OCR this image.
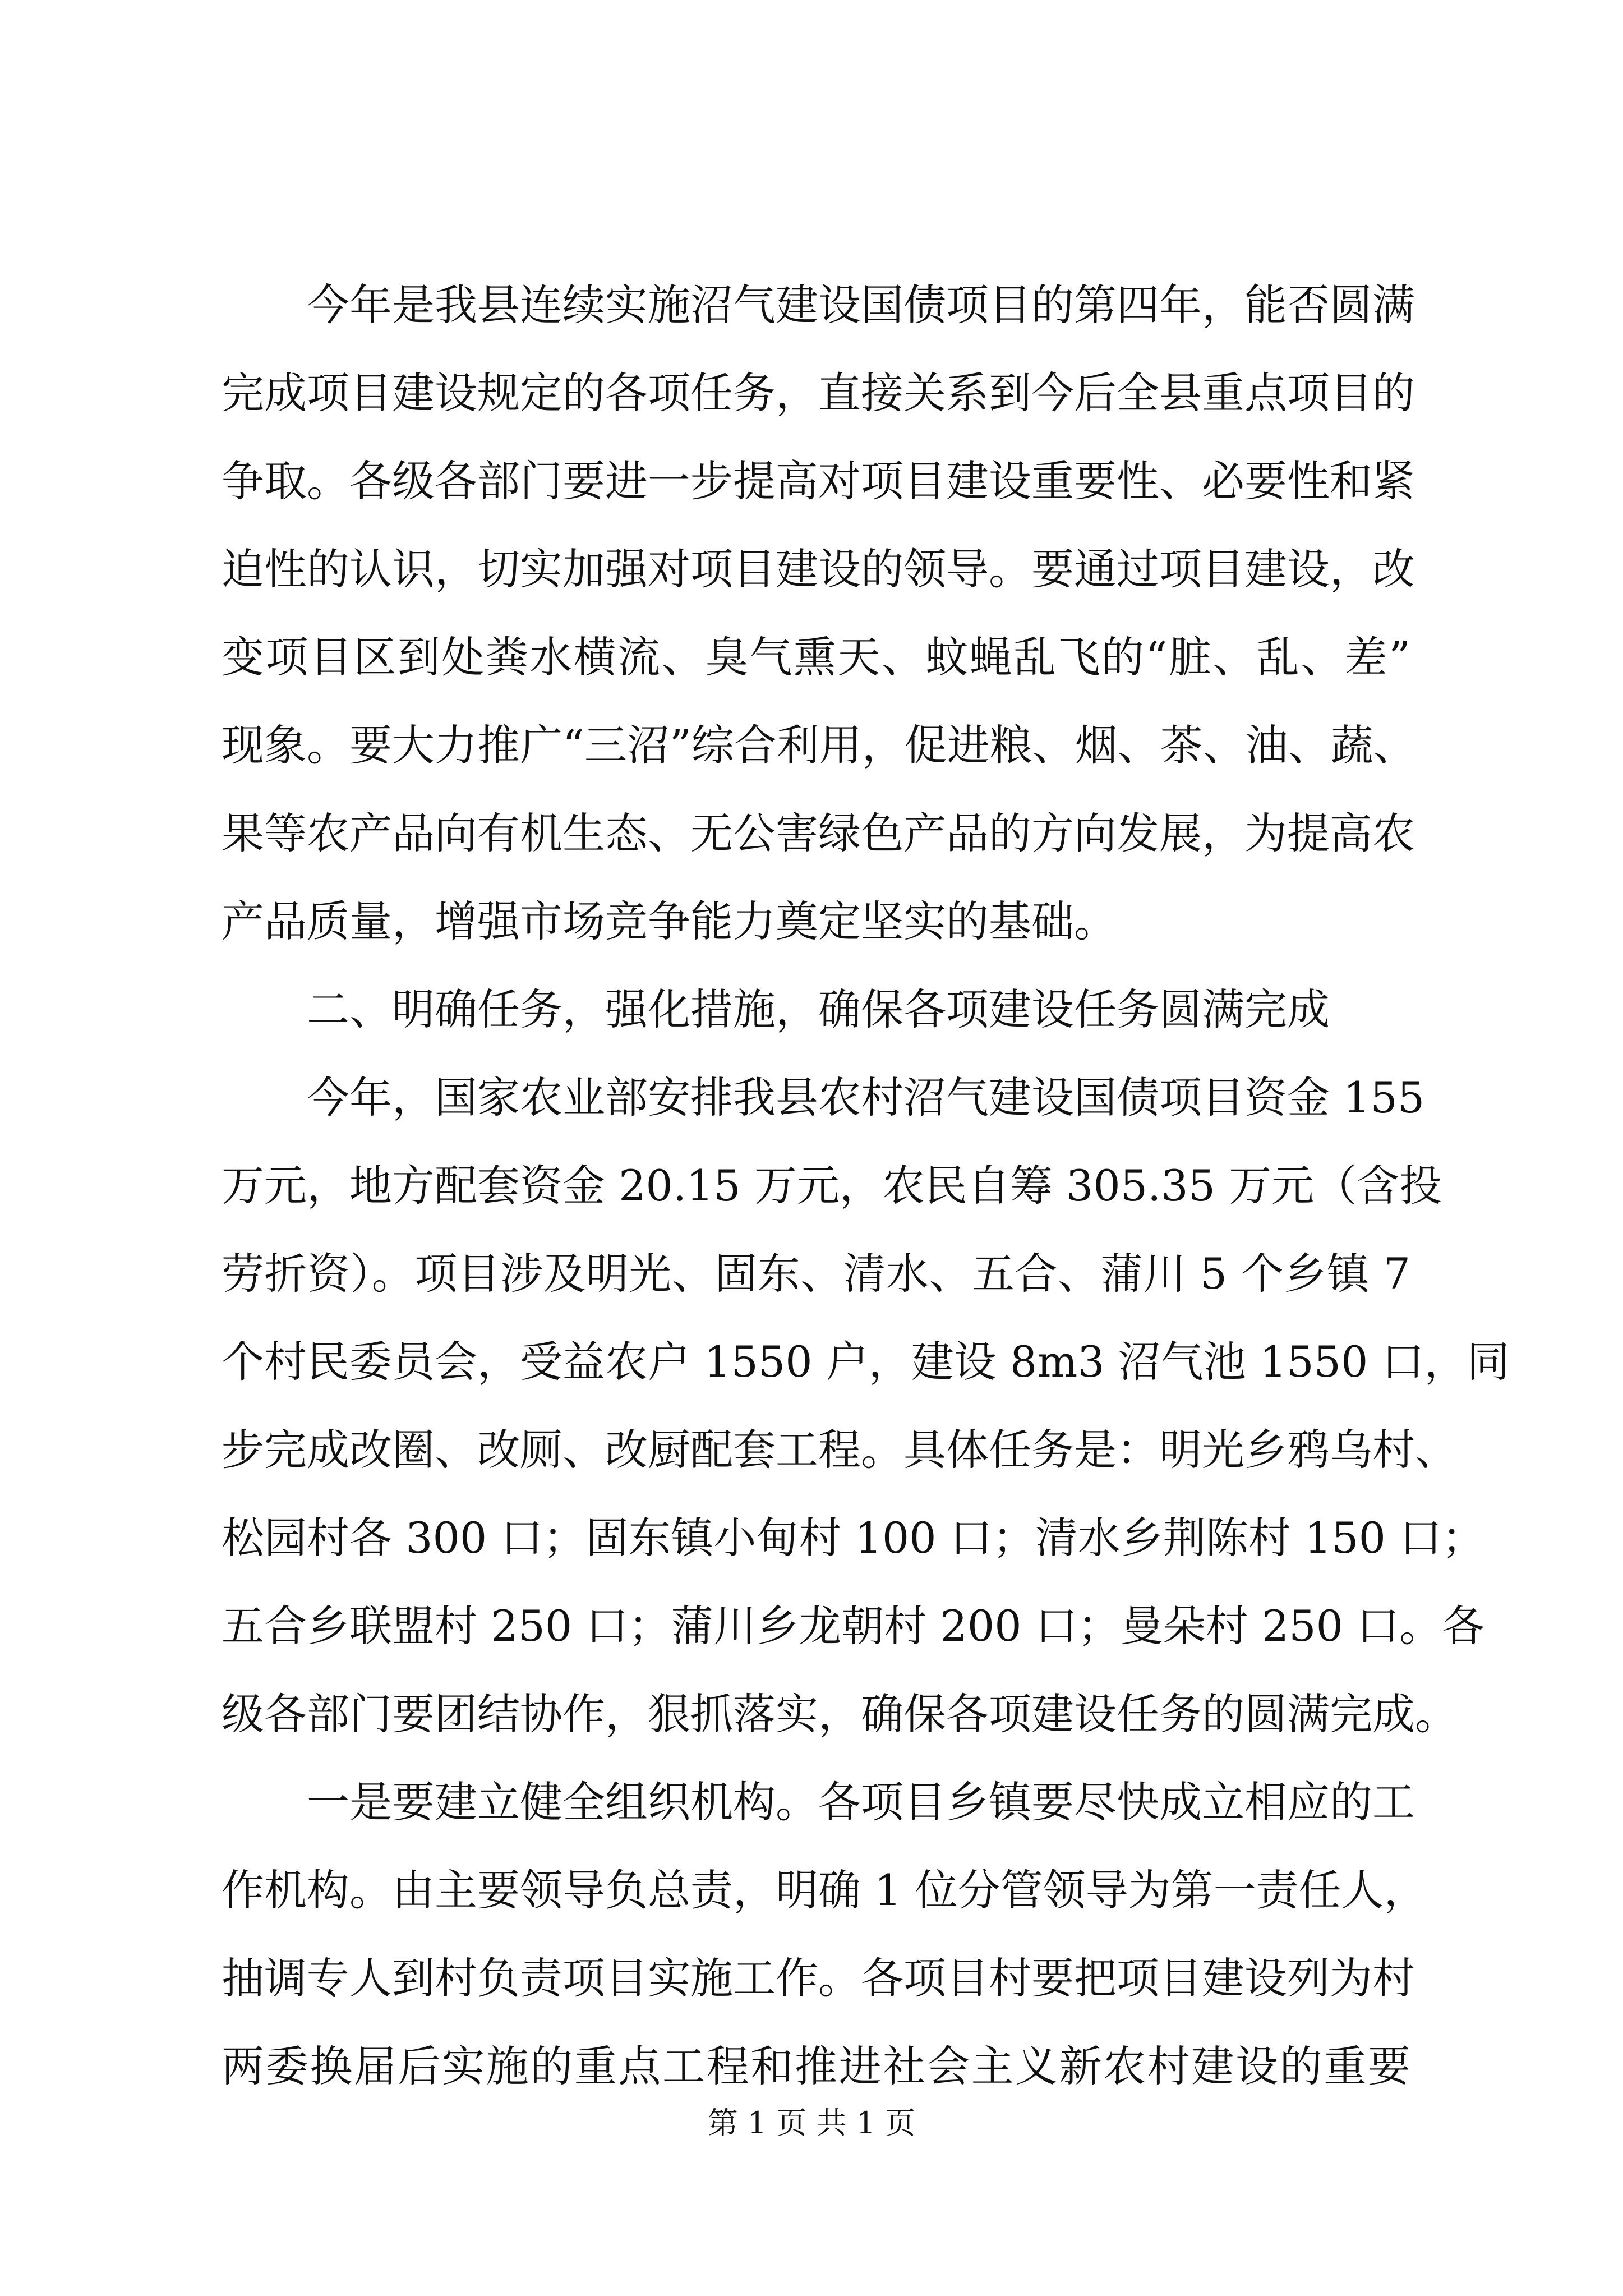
今年是我县连续实施沼气建设国债项目的第四年，能否圆满
完成项目建设规定的各项任务，直接关系到今后全县重点项目的
争取。各级各部门要进一步提高对项目建设重要性、必要性和紧
迫性的认识，切实加强对项目建设的领导。要通过项目建设，改
变项目区到处粪水横流、臭气熏天、蚊蝇乱飞的“脏、乱、差”
现象。要大力推广“三沼”综合利用，促进粮、烟、茶、油、蔬、
果等农产品向有机生态、无公害绿色产品的方向发展，为提高农
产品质量，增强市场竞争能力奠定坚实的基础。
二、明确任务，强化措施，确保各项建设任务圆满完成
今年，国家农业部安排我县农村沼气建设国债项目资金 155
万元，地方配套资金 20.15 万元，农民自筹 305.35 万元（含投
劳折资）。项目涉及明光、固东、清水、五合、蒲川 5 个乡镇 7
个村民委员会，受益农户 1550 户，建设 8m3 沼气池 1550 口，同
步完成改圈、改厕、改厨配套工程。具体任务是：明光乡鸦乌村、
松园村各 300 口；固东镇小甸村 100 口；清水乡荆陈村 150 口；
五合乡联盟村 250 口；蒲川乡龙朝村 200 口；曼朵村 250 口。各
级各部门要团结协作，狠抓落实，确保各项建设任务的圆满完成。
一是要建立健全组织机构。各项目乡镇要尽快成立相应的工
作机构。由主要领导负总责，明确 1 位分管领导为第一责任人，
抽调专人到村负责项目实施工作。各项目村要把项目建设列为村
两委换届后实施的重点工程和推进社会主义新农村建设的重要
第 1 页 共 1 页
